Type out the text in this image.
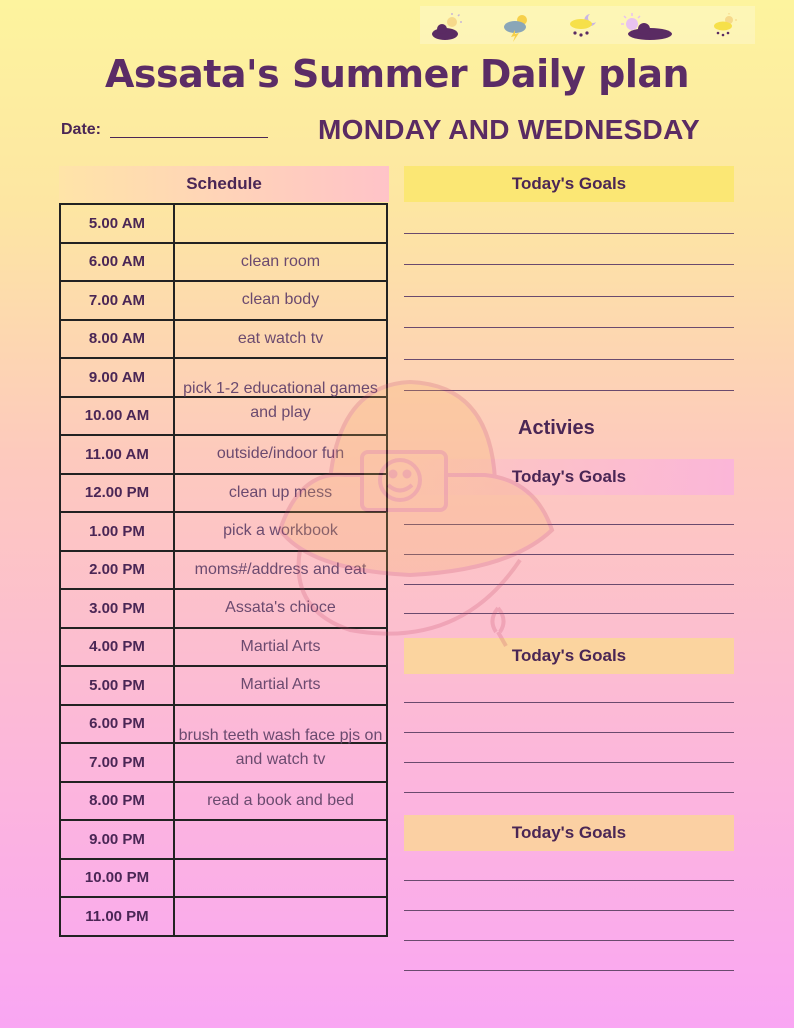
Assata's Summer Daily plan
Date:	MONDAY AND WEDNESDAY
Schedule
5.00 AM	
6.00 AM	clean room
7.00 AM	clean body
8.00 AM	eat watch tv
9.00 AM	pick 1-2 educational games and play

10.00 AM	
11.00 AM	outside/indoor fun
12.00 PM	clean up mess
1.00 PM	pick a workbook
2.00 PM	moms#/address and eat
3.00 PM	Assata's chioce
4.00 PM	Martial Arts
5.00 PM	Martial Arts
6.00 PM	brush teeth wash face pjs on and watch tv

7.00 PM	
8.00 PM	read a book and bed
9.00 PM	
10.00 PM	
11.00 PM	
Today's Goals
Activies
Today's Goals
Today's Goals
Today's Goals
